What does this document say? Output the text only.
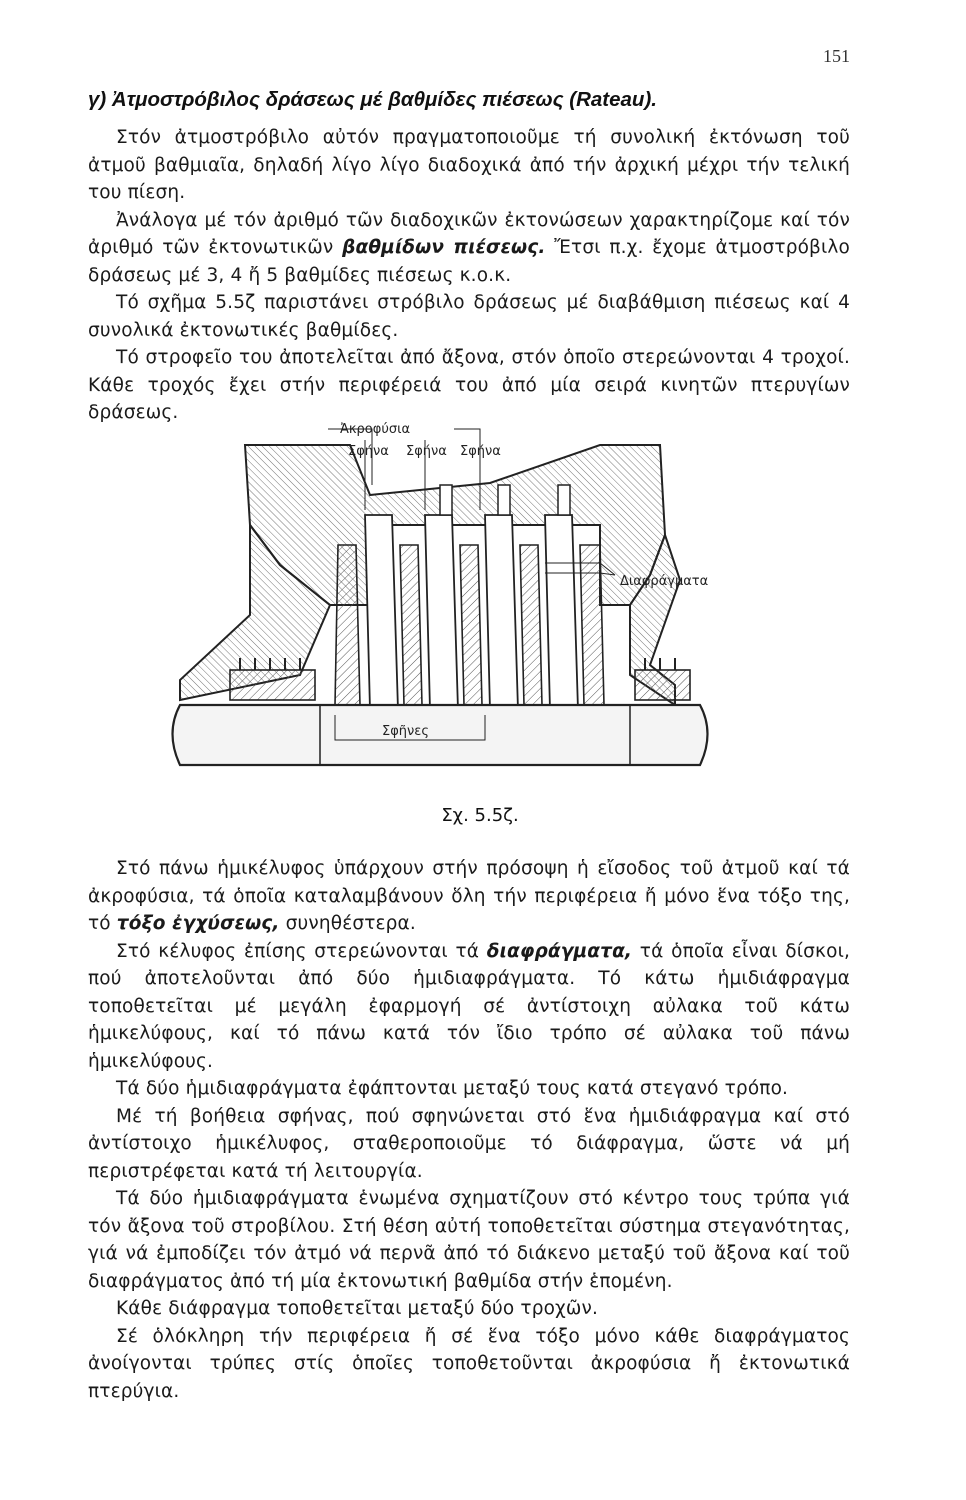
151

γ) Ἀτμοστρόβιλος δράσεως μέ βαθμίδες πιέσεως (Rateau).

Στόν ἀτμοστρόβιλο αὐτόν πραγματοποιοῦμε τή συνολική ἐκτόνωση τοῦ ἀτμοῦ βαθμιαῖα, δηλαδή λίγο λίγο διαδοχικά ἀπό τήν ἀρχική μέχρι τήν τελική του πίεση.

Ἀνάλογα μέ τόν ἀριθμό τῶν διαδοχικῶν ἐκτονώσεων χαρακτηρίζομε καί τόν ἀριθμό τῶν ἐκτονωτικῶν βαθμίδων πιέσεως. Ἔτσι π.χ. ἔχομε ἀτμοστρόβιλο δράσεως μέ 3, 4 ἤ 5 βαθμίδες πιέσεως κ.ο.κ.

Τό σχῆμα 5.5ζ παριστάνει στρόβιλο δράσεως μέ διαβάθμιση πιέσεως καί 4 συνολικά ἐκτονωτικές βαθμίδες.

Τό στροφεῖο του ἀποτελεῖται ἀπό ἄξονα, στόν ὁποῖο στερεώνονται 4 τροχοί. Κάθε τροχός ἔχει στήν περιφέρειά του ἀπό μία σειρά κινητῶν πτερυγίων δράσεως.

Ἀκροφύσια
Σφήνα Σφήνα Σφήνα
Διαφράγματα
Σφῆνες
Σχ. 5.5ζ.

Στό πάνω ἡμικέλυφος ὑπάρχουν στήν πρόσοψη ἡ εἴσοδος τοῦ ἀτμοῦ καί τά ἀκροφύσια, τά ὁποῖα καταλαμβάνουν ὅλη τήν περιφέρεια ἤ μόνο ἕνα τόξο της, τό τόξο ἐγχύσεως, συνηθέστερα.

Στό κέλυφος ἐπίσης στερεώνονται τά διαφράγματα, τά ὁποῖα εἶναι δίσκοι, πού ἀποτελοῦνται ἀπό δύο ἡμιδιαφράγματα. Τό κάτω ἡμιδιάφραγμα τοποθετεῖται μέ μεγάλη ἐφαρμογή σέ ἀντίστοιχη αὐλακα τοῦ κάτω ἡμικελύφους, καί τό πάνω κατά τόν ἴδιο τρόπο σέ αὐλακα τοῦ πάνω ἡμικελύφους.

Τά δύο ἡμιδιαφράγματα ἐφάπτονται μεταξύ τους κατά στεγανό τρόπο.

Μέ τή βοήθεια σφήνας, πού σφηνώνεται στό ἕνα ἡμιδιάφραγμα καί στό ἀντίστοιχο ἡμικέλυφος, σταθεροποιοῦμε τό διάφραγμα, ὥστε νά μή περιστρέφεται κατά τή λειτουργία.

Τά δύο ἡμιδιαφράγματα ἑνωμένα σχηματίζουν στό κέντρο τους τρύπα γιά τόν ἄξονα τοῦ στροβίλου. Στή θέση αὐτή τοποθετεῖται σύστημα στεγανότητας, γιά νά ἐμποδίζει τόν ἀτμό νά περνᾶ ἀπό τό διάκενο μεταξύ τοῦ ἄξονα καί τοῦ διαφράγματος ἀπό τή μία ἐκτονωτική βαθμίδα στήν ἑπομένη.

Κάθε διάφραγμα τοποθετεῖται μεταξύ δύο τροχῶν.

Σέ ὁλόκληρη τήν περιφέρεια ἤ σέ ἕνα τόξο μόνο κάθε διαφράγματος ἀνοίγονται τρύπες στίς ὁποῖες τοποθετοῦνται ἀκροφύσια ἤ ἐκτονωτικά πτερύγια.
